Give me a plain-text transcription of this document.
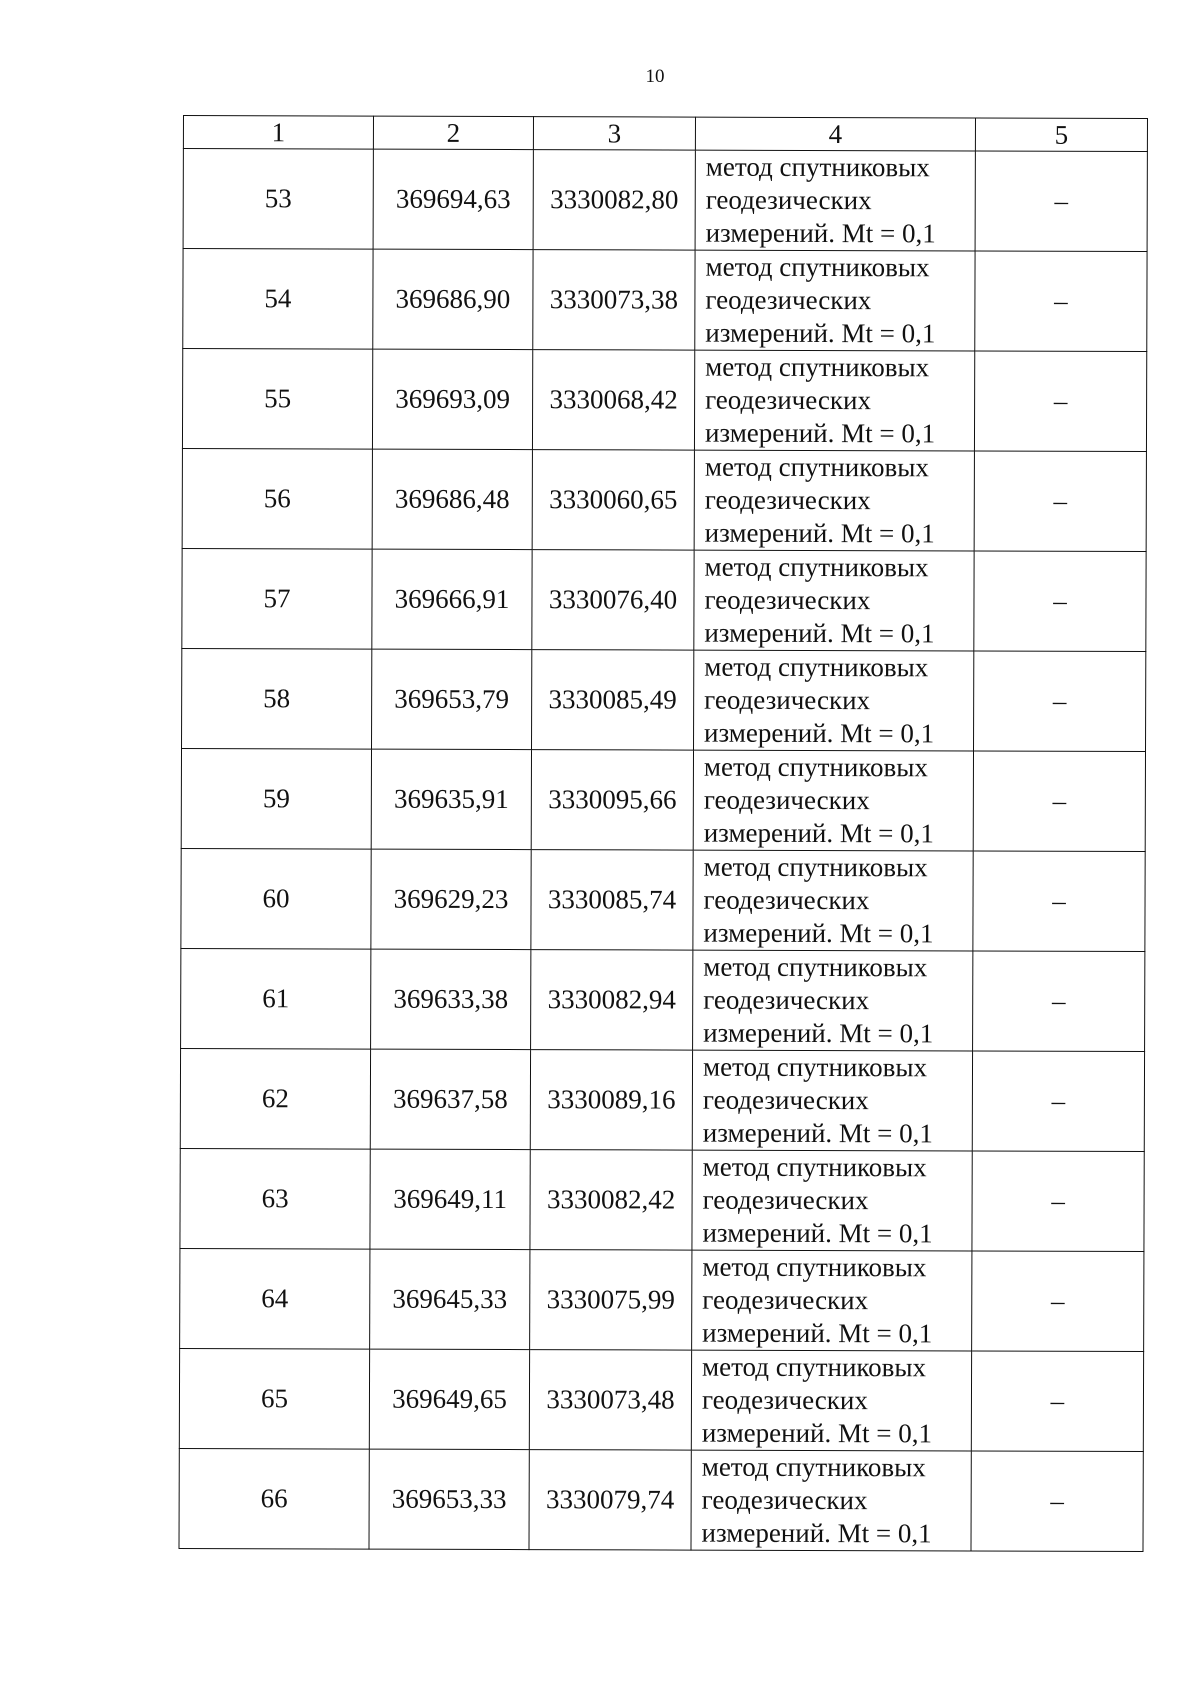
10
1	2	3	4	5
53	369694,63	3330082,80	метод спутниковых
геодезических
измерений. Mt = 0,1	–
54	369686,90	3330073,38	метод спутниковых
геодезических
измерений. Mt = 0,1	–
55	369693,09	3330068,42	метод спутниковых
геодезических
измерений. Mt = 0,1	–
56	369686,48	3330060,65	метод спутниковых
геодезических
измерений. Mt = 0,1	–
57	369666,91	3330076,40	метод спутниковых
геодезических
измерений. Mt = 0,1	–
58	369653,79	3330085,49	метод спутниковых
геодезических
измерений. Mt = 0,1	–
59	369635,91	3330095,66	метод спутниковых
геодезических
измерений. Mt = 0,1	–
60	369629,23	3330085,74	метод спутниковых
геодезических
измерений. Mt = 0,1	–
61	369633,38	3330082,94	метод спутниковых
геодезических
измерений. Mt = 0,1	–
62	369637,58	3330089,16	метод спутниковых
геодезических
измерений. Mt = 0,1	–
63	369649,11	3330082,42	метод спутниковых
геодезических
измерений. Mt = 0,1	–
64	369645,33	3330075,99	метод спутниковых
геодезических
измерений. Mt = 0,1	–
65	369649,65	3330073,48	метод спутниковых
геодезических
измерений. Mt = 0,1	–
66	369653,33	3330079,74	метод спутниковых
геодезических
измерений. Mt = 0,1	–
